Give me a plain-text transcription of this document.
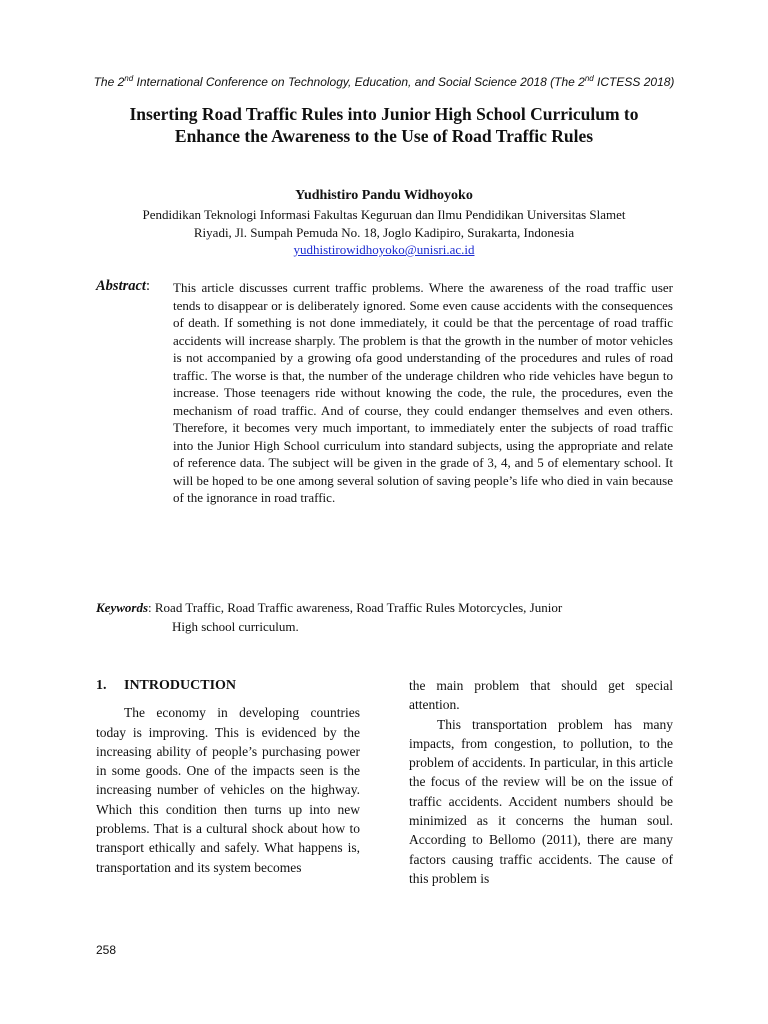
The 2nd International Conference on Technology, Education, and Social Science 2018 (The 2nd ICTESS 2018)
Inserting Road Traffic Rules into Junior High School Curriculum to
Enhance the Awareness to the Use of Road Traffic Rules
Yudhistiro Pandu Widhoyoko
Pendidikan Teknologi Informasi Fakultas Keguruan dan Ilmu Pendidikan Universitas Slamet
Riyadi, Jl. Sumpah Pemuda No. 18, Joglo Kadipiro, Surakarta, Indonesia
yudhistirowidhoyoko@unisri.ac.id
Abstract: This article discusses current traffic problems. Where the awareness of the road traffic user tends to disappear or is deliberately ignored. Some even cause accidents with the consequences of death. If something is not done immediately, it could be that the percentage of road traffic accidents will increase sharply. The problem is that the growth in the number of motor vehicles is not accompanied by a growing ofa good understanding of the procedures and rules of road traffic. The worse is that, the number of the underage children who ride vehicles have begun to increase. Those teenagers ride without knowing the code, the rule, the procedures, even the mechanism of road traffic. And of course, they could endanger themselves and even others. Therefore, it becomes very much important, to immediately enter the subjects of road traffic into the Junior High School curriculum into standard subjects, using the appropriate and relate of reference data. The subject will be given in the grade of 3, 4, and 5 of elementary school. It will be hoped to be one among several solution of saving people’s life who died in vain because of the ignorance in road traffic.
Keywords: Road Traffic, Road Traffic awareness, Road Traffic Rules Motorcycles, Junior
High school curriculum.
1. INTRODUCTION

The economy in developing countries today is improving. This is evidenced by the increasing ability of people’s purchasing power in some goods. One of the impacts seen is the increasing number of vehicles on the highway. Which this condition then turns up into new problems. That is a cultural shock about how to transport ethically and safely. What happens is, transportation and its system becomes

the main problem that should get special attention.

This transportation problem has many impacts, from congestion, to pollution, to the problem of accidents. In particular, in this article the focus of the review will be on the issue of traffic accidents. Accident numbers should be minimized as it concerns the human soul. According to Bellomo (2011), there are many factors causing traffic accidents. The cause of this problem is

258
